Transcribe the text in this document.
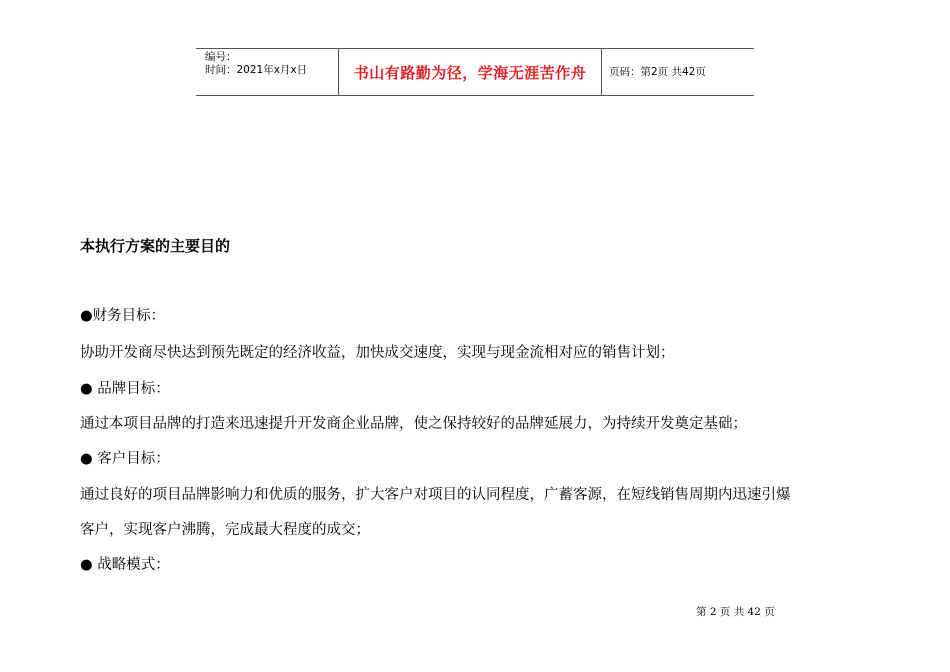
编号：
时间：2021年x月x日	书山有路勤为径，学海无涯苦作舟 页码：第2页 共42页
本执行方案的主要目的
●财务目标：
协助开发商尽快达到预先既定的经济收益，加快成交速度，实现与现金流相对应的销售计划；
● 品牌目标：
通过本项目品牌的打造来迅速提升开发商企业品牌，使之保持较好的品牌延展力，为持续开发奠定基础；
● 客户目标：
通过良好的项目品牌影响力和优质的服务，扩大客户对项目的认同程度，广蓄客源，在短线销售周期内迅速引爆
客户，实现客户沸腾，完成最大程度的成交；
● 战略模式：
第 2 页 共 42 页
